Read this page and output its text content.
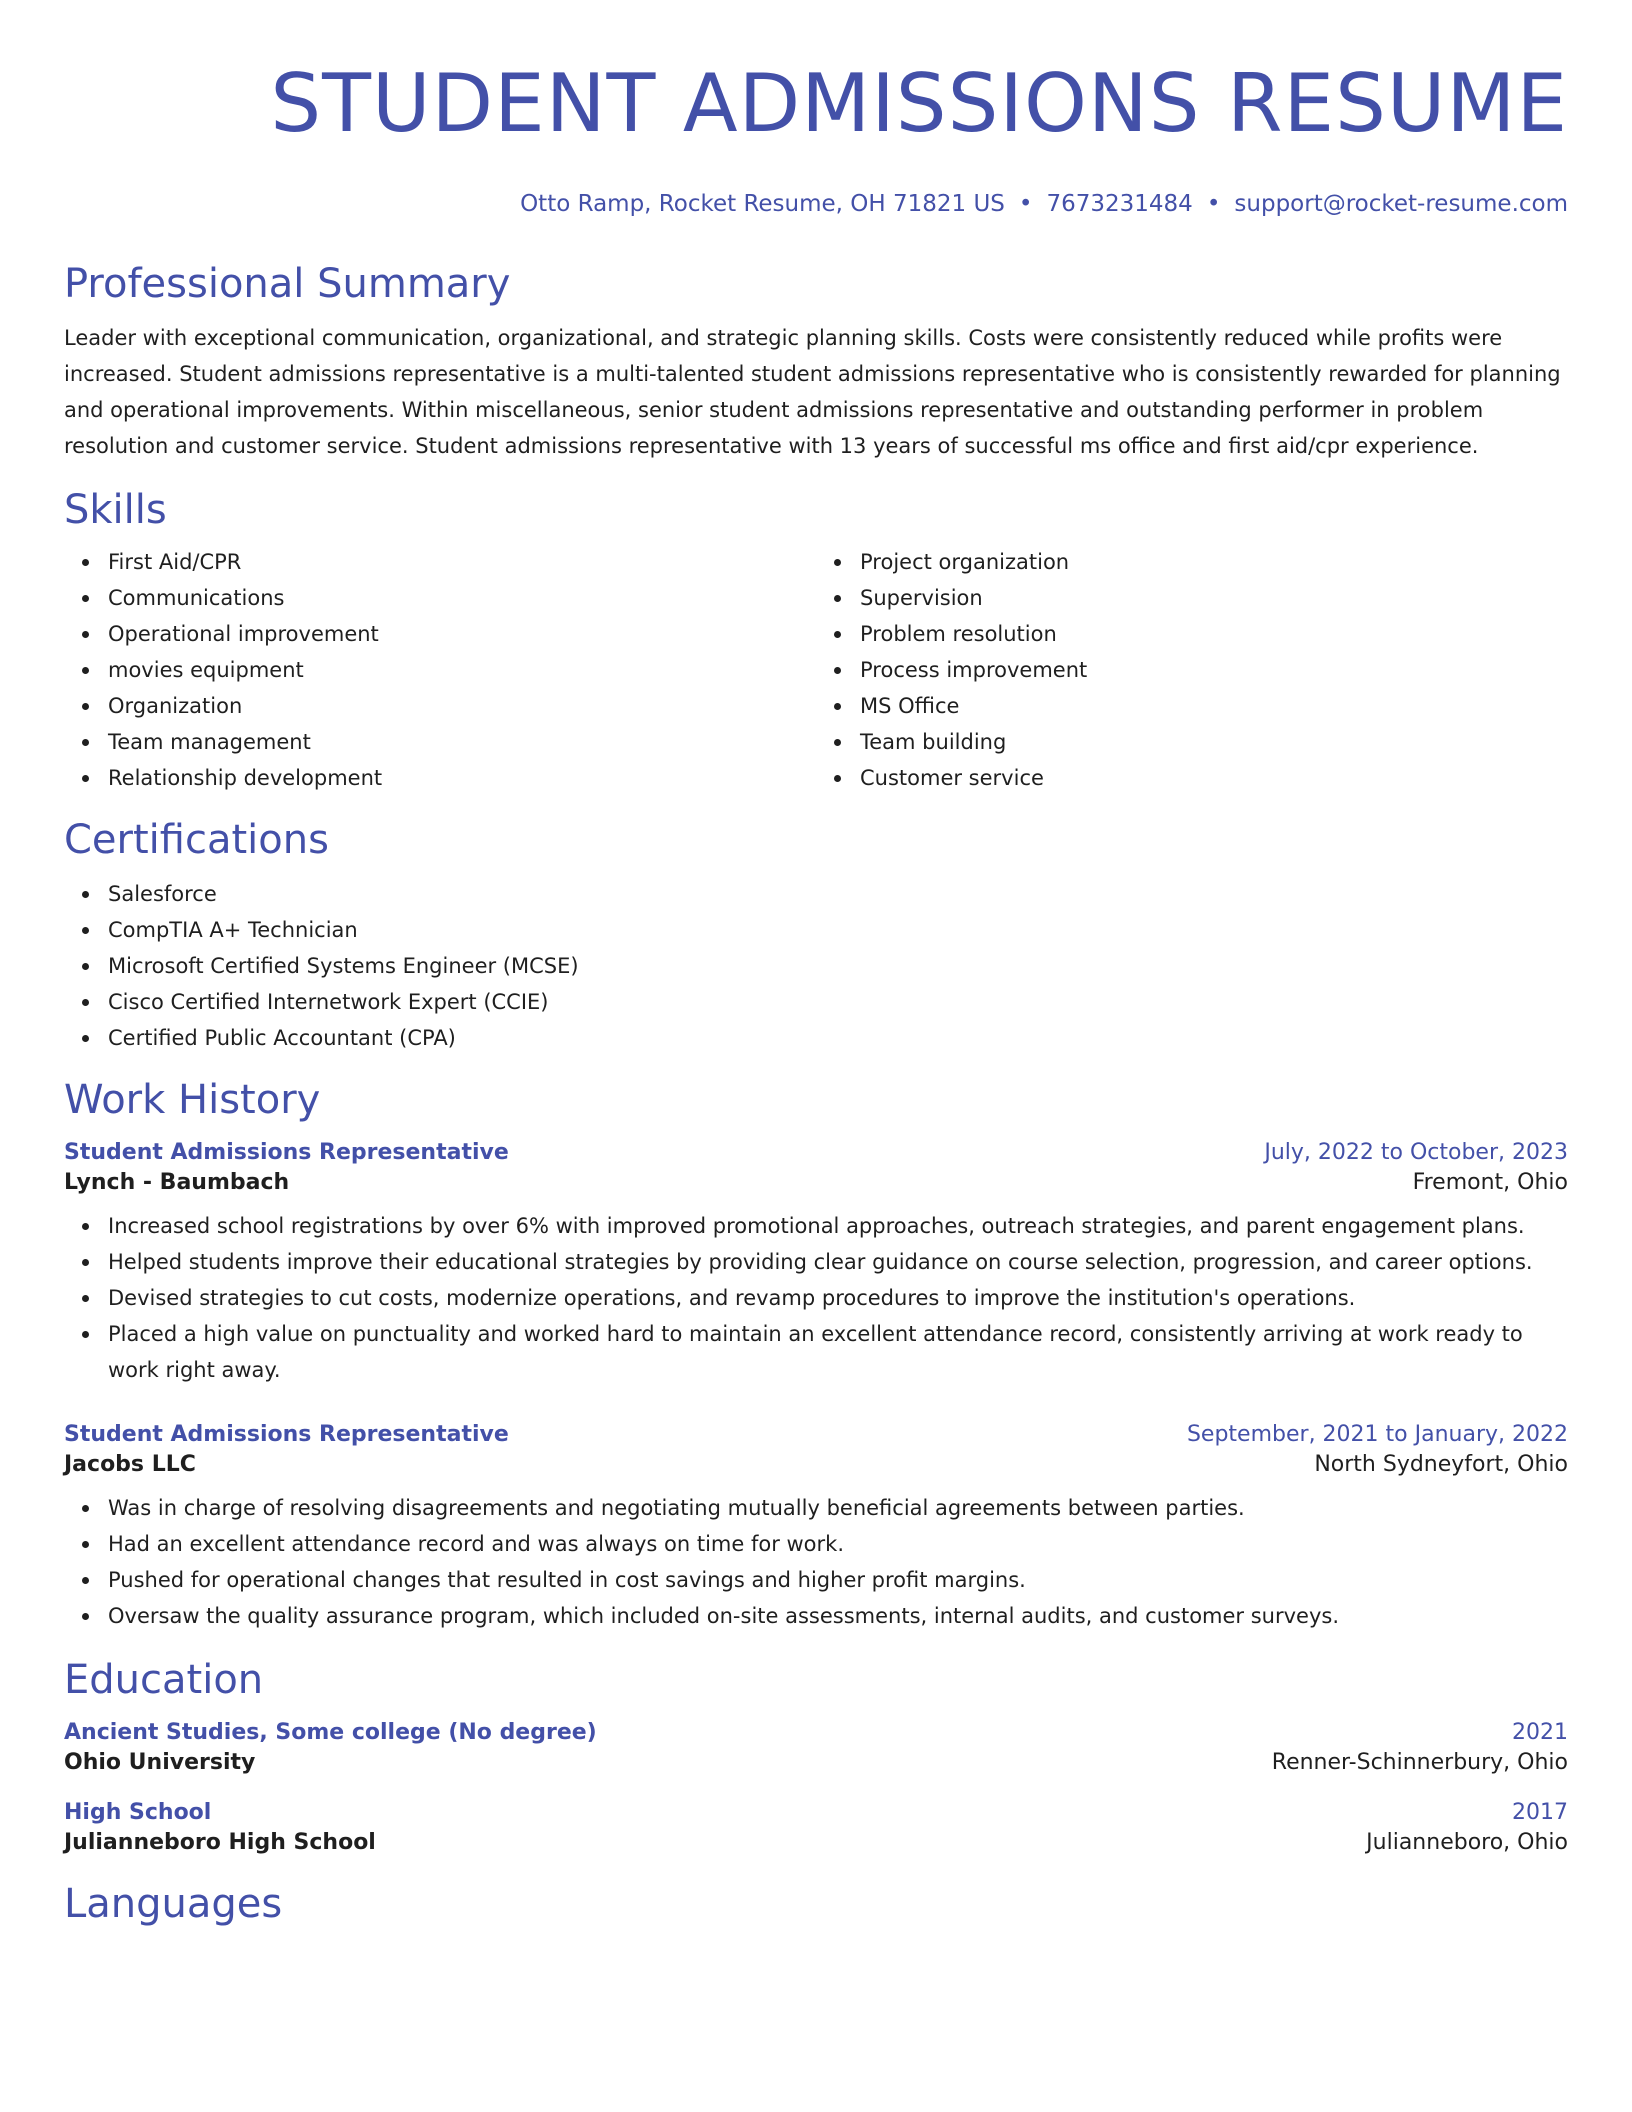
STUDENT ADMISSIONS RESUME
Otto Ramp, Rocket Resume, OH 71821 US • 7673231484 • support@rocket-resume.com
Professional Summary

Leader with exceptional communication, organizational, and strategic planning skills. Costs were consistently reduced while profits were increased. Student admissions representative is a multi-talented student admissions representative who is consistently rewarded for planning and operational improvements. Within miscellaneous, senior student admissions representative and outstanding performer in problem resolution and customer service. Student admissions representative with 13 years of successful ms office and first aid/cpr experience.

Skills
First Aid/CPR
Communications
Operational improvement
movies equipment
Organization
Team management
Relationship development
Project organization
Supervision
Problem resolution
Process improvement
MS Office
Team building
Customer service
Certifications
Salesforce
CompTIA A+ Technician
Microsoft Certified Systems Engineer (MCSE)
Cisco Certified Internetwork Expert (CCIE)
Certified Public Accountant (CPA)
Work History
Student Admissions Representative	July, 2022 to October, 2023
Lynch - Baumbach	Fremont, Ohio
Increased school registrations by over 6% with improved promotional approaches, outreach strategies, and parent engagement plans.
Helped students improve their educational strategies by providing clear guidance on course selection, progression, and career options.
Devised strategies to cut costs, modernize operations, and revamp procedures to improve the institution's operations.
Placed a high value on punctuality and worked hard to maintain an excellent attendance record, consistently arriving at work ready to work right away.
Student Admissions Representative	September, 2021 to January, 2022
Jacobs LLC	North Sydneyfort, Ohio
Was in charge of resolving disagreements and negotiating mutually beneficial agreements between parties.
Had an excellent attendance record and was always on time for work.
Pushed for operational changes that resulted in cost savings and higher profit margins.
Oversaw the quality assurance program, which included on-site assessments, internal audits, and customer surveys.
Education
Ancient Studies, Some college (No degree)	2021
Ohio University	Renner-Schinnerbury, Ohio
High School	2017
Julianneboro High School	Julianneboro, Ohio
Languages
